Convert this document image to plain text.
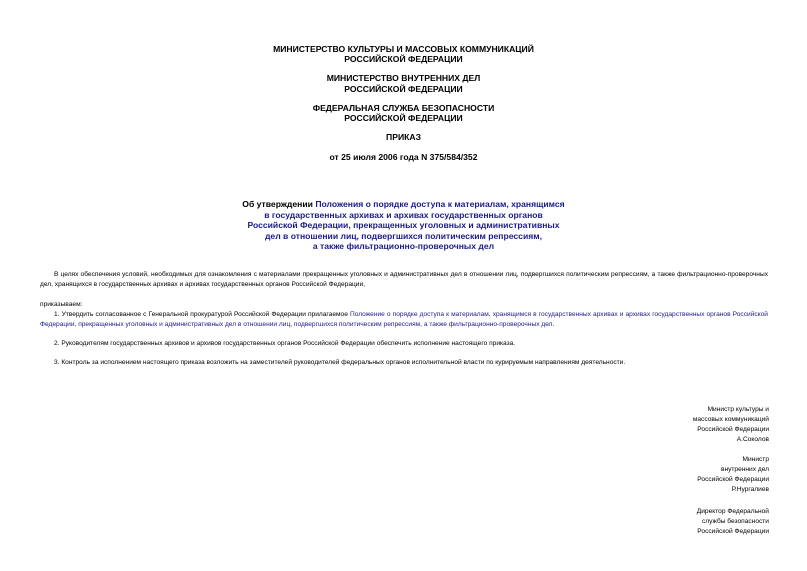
МИНИСТЕРСТВО КУЛЬТУРЫ И МАССОВЫХ КОММУНИКАЦИЙ
РОССИЙСКОЙ ФЕДЕРАЦИИ
МИНИСТЕРСТВО ВНУТРЕННИХ ДЕЛ
РОССИЙСКОЙ ФЕДЕРАЦИИ
ФЕДЕРАЛЬНАЯ СЛУЖБА БЕЗОПАСНОСТИ
РОССИЙСКОЙ ФЕДЕРАЦИИ
ПРИКАЗ
от 25 июля 2006 года N 375/584/352
Об утверждении Положения о порядке доступа к материалам, хранящимся
в государственных архивах и архивах государственных органов
Российской Федерации, прекращенных уголовных и административных
дел в отношении лиц, подвергшихся политическим репрессиям,
а также фильтрационно-проверочных дел

В целях обеспечения условий, необходимых для ознакомления с материалами прекращенных уголовных и административных дел в отношении лиц, подвергшихся политическим репрессиям, а также фильтрационно-проверочных дел, хранящихся в государственных архивах и архивах государственных органов Российской Федерации,

приказываем:

1. Утвердить согласованное с Генеральной прокуратурой Российской Федерации прилагаемое Положение о порядке доступа к материалам, хранящимся в государственных архивах и архивах государственных органов Российской Федерации, прекращенных уголовных и административных дел в отношении лиц, подвергшихся политическим репрессиям, а также фильтрационно-проверочных дел.

2. Руководителям государственных архивов и архивов государственных органов Российской Федерации обеспечить исполнение настоящего приказа.

3. Контроль за исполнением настоящего приказа возложить на заместителей руководителей федеральных органов исполнительной власти по курируемым направлениям деятельности.

Министр культуры и
массовых коммуникаций
Российской Федерации
А.Соколов
Министр
внутренних дел
Российской Федерации
Р.Нургалиев
Директор Федеральной
службы безопасности
Российской Федерации
